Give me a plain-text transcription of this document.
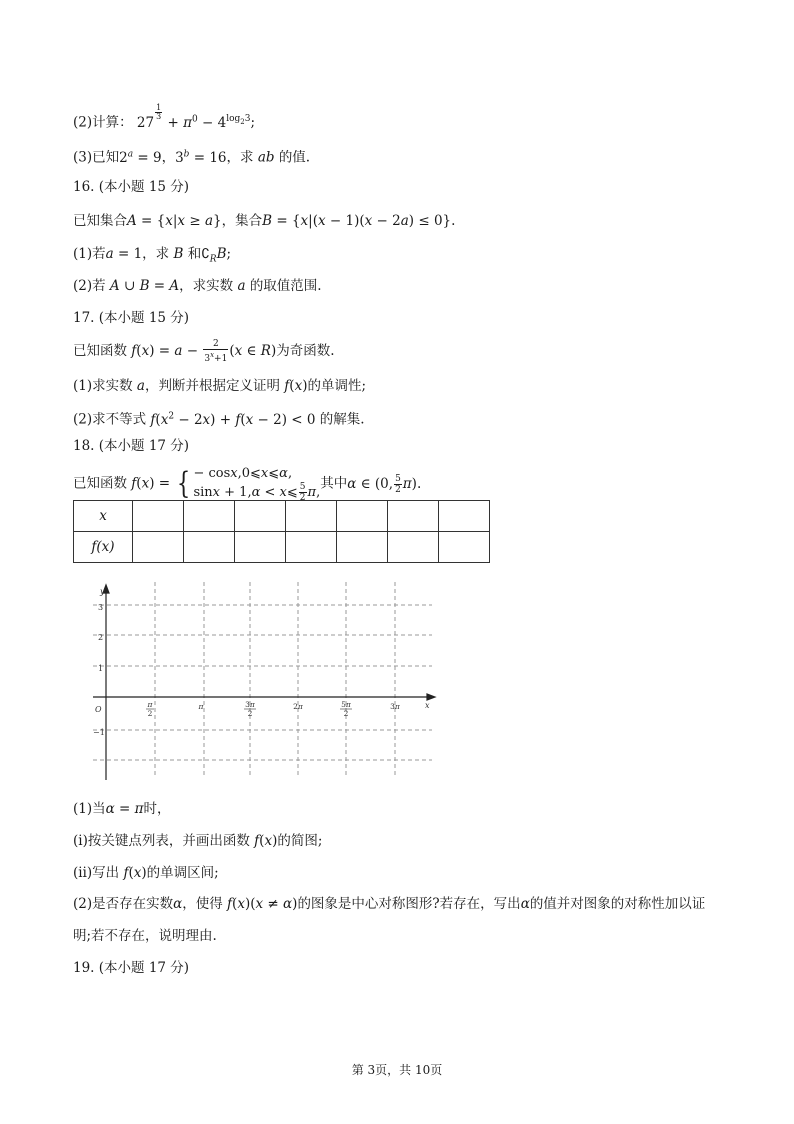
(2)计算： 27
$^{\frac{1}{3}}$
+ $\pi^0 - 4^{log_23}$;
(3)已知$2^a = 9$，$3^b = 16$，求 ab 的值.
16. (本小题 15 分)
已知集合A = {x|x ≥ a}，集合B = {x|(x − 1)(x − 2a) ≤ 0}.
(1)若a = 1，求 B 和$∁_RB$;
(2)若 A ∪ B = A，求实数 a 的取值范围.
17. (本小题 15 分)
已知函数 $f(x) = a - \frac{2}{3^x+1} (x$ ∈ R)为奇函数.
(1)求实数 a，判断并根据定义证明 f(x)的单调性;
(2)求不等式 $f(x^2 - 2x) + f(x - 2) < 0$ 的解集.
18. (本小题 17 分)
已知函数 f(x) = { − cosx,0⩽x⩽α,
sinx + 1,α < x⩽ $\frac{5}{2} \pi$,其中α ∈ (0, $\frac{5}{2} \pi$).
x							
f(x)							
y
x
O
3
2
1
−1
π
2
π	3π
2
2π	5π
2
3π
(1)当α = π时，
(ⅰ)按关键点列表，并画出函数 f(x)的简图;
(ⅱ)写出 f(x)的单调区间;
(2)是否存在实数α，使得 f(x)(x ≠ α)的图象是中心对称图形?若存在，写出α的值并对图象的对称性加以证
明;若不存在，说明理由.
19. (本小题 17 分)
第 3页，共 10页
